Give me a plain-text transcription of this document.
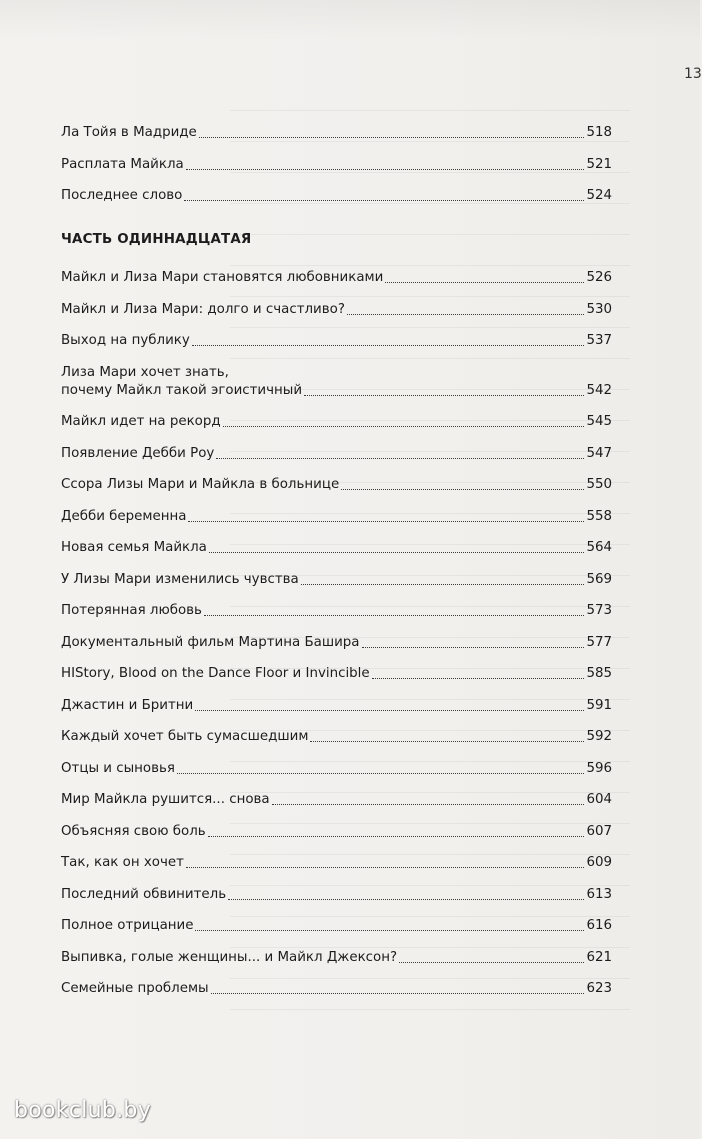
13
Ла Тойя в Мадриде	518
Расплата Майкла	521
Последнее слово	524
ЧАСТЬ ОДИННАДЦАТАЯ
Майкл и Лиза Мари становятся любовниками	526
Майкл и Лиза Мари: долго и счастливо?	530
Выход на публику	537
Лиза Мари хочет знать,
почему Майкл такой эгоистичный	542
Майкл идет на рекорд	545
Появление Дебби Роу	547
Ссора Лизы Мари и Майкла в больнице	550
Дебби беременна	558
Новая семья Майкла	564
У Лизы Мари изменились чувства	569
Потерянная любовь	573
Документальный фильм Мартина Башира	577
HIStory, Blood on the Dance Floor и Invincible	585
Джастин и Бритни	591
Каждый хочет быть сумасшедшим	592
Отцы и сыновья	596
Мир Майкла рушится... снова	604
Объясняя свою боль	607
Так, как он хочет	609
Последний обвинитель	613
Полное отрицание	616
Выпивка, голые женщины... и Майкл Джексон?	621
Семейные проблемы	623
bookclub.by
